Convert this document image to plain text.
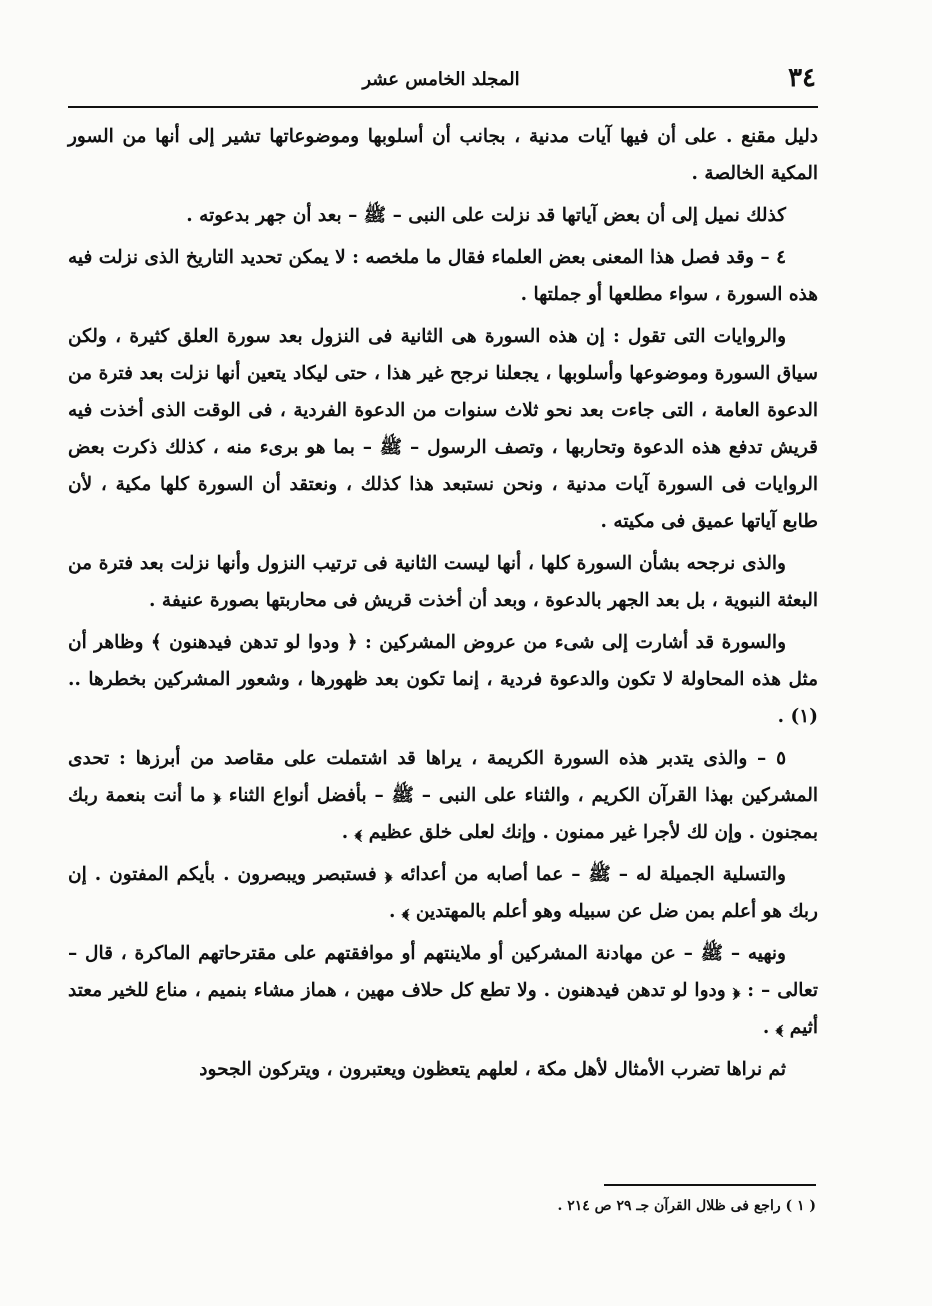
٣٤
المجلد الخامس عشر

دليل مقنع . على أن فيها آيات مدنية ، بجانب أن أسلوبها وموضوعاتها تشير إلى أنها من السور المكية الخالصة .

كذلك نميل إلى أن بعض آياتها قد نزلت على النبى – ﷺ – بعد أن جهر بدعوته .

٤ – وقد فصل هذا المعنى بعض العلماء فقال ما ملخصه : لا يمكن تحديد التاريخ الذى نزلت فيه هذه السورة ، سواء مطلعها أو جملتها .

والروايات التى تقول : إن هذه السورة هى الثانية فى النزول بعد سورة العلق كثيرة ، ولكن سياق السورة وموضوعها وأسلوبها ، يجعلنا نرجح غير هذا ، حتى ليكاد يتعين أنها نزلت بعد فترة من الدعوة العامة ، التى جاءت بعد نحو ثلاث سنوات من الدعوة الفردية ، فى الوقت الذى أخذت فيه قريش تدفع هذه الدعوة وتحاربها ، وتصف الرسول – ﷺ – بما هو برىء منه ، كذلك ذكرت بعض الروايات فى السورة آيات مدنية ، ونحن نستبعد هذا كذلك ، ونعتقد أن السورة كلها مكية ، لأن طابع آياتها عميق فى مكيته .

والذى نرجحه بشأن السورة كلها ، أنها ليست الثانية فى ترتيب النزول وأنها نزلت بعد فترة من البعثة النبوية ، بل بعد الجهر بالدعوة ، وبعد أن أخذت قريش فى محاربتها بصورة عنيفة .

والسورة قد أشارت إلى شىء من عروض المشركين : ﴿ ودوا لو تدهن فيدهنون ﴾ وظاهر أن مثل هذه المحاولة لا تكون والدعوة فردية ، إنما تكون بعد ظهورها ، وشعور المشركين بخطرها ..(١) .

٥ – والذى يتدبر هذه السورة الكريمة ، يراها قد اشتملت على مقاصد من أبرزها : تحدى المشركين بهذا القرآن الكريم ، والثناء على النبى – ﷺ – بأفضل أنواع الثناء ﴿ ما أنت بنعمة ربك بمجنون . وإن لك لأجرا غير ممنون . وإنك لعلى خلق عظيم ﴾ .

والتسلية الجميلة له – ﷺ – عما أصابه من أعدائه ﴿ فستبصر ويبصرون . بأيكم المفتون . إن ربك هو أعلم بمن ضل عن سبيله وهو أعلم بالمهتدين ﴾ .

ونهيه – ﷺ – عن مهادنة المشركين أو ملاينتهم أو موافقتهم على مقترحاتهم الماكرة ، قال – تعالى – : ﴿ ودوا لو تدهن فيدهنون . ولا تطع كل حلاف مهين ، هماز مشاء بنميم ، مناع للخير معتد أثيم ﴾ .

ثم نراها تضرب الأمثال لأهل مكة ، لعلهم يتعظون ويعتبرون ، ويتركون الجحود

( ١ ) راجع فى ظلال القرآن جـ ٢٩ ص ٢١٤ .
